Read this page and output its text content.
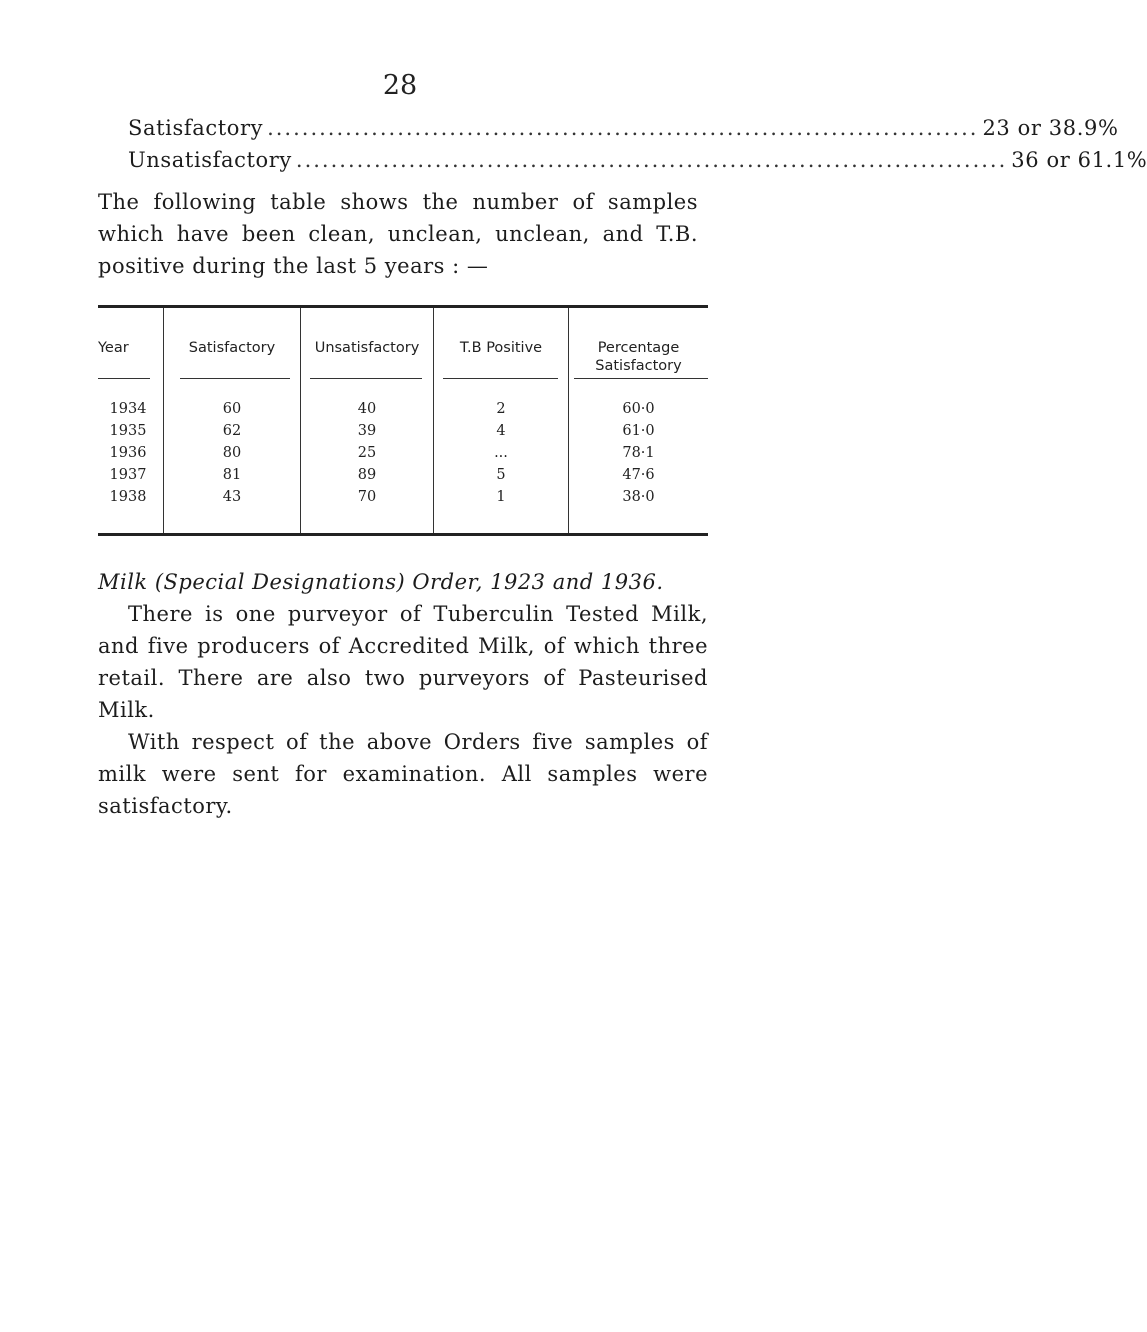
28
Satisfactory .................................................................................. 23 or 38.9%
Unsatisfactory .................................................................................. 36 or 61.1%
The following table shows the number of samples which have been clean, unclean, unclean, and T.B. positive during the last 5 years : —
Year	Satisfactory	Unsatisfactory	T.B Positive	Percentage Satisfactory
1934	60	40	2	60·0
1935	62	39	4	61·0
1936	80	25	...	78·1
1937	81	89	5	47·6
1938	43	70	1	38·0

Milk (Special Designations) Order, 1923 and 1936.

There is one purveyor of Tuberculin Tested Milk, and five producers of Accredited Milk, of which three retail. There are also two purveyors of Pasteurised Milk.

With respect of the above Orders five samples of milk were sent for examination. All samples were satisfactory.
